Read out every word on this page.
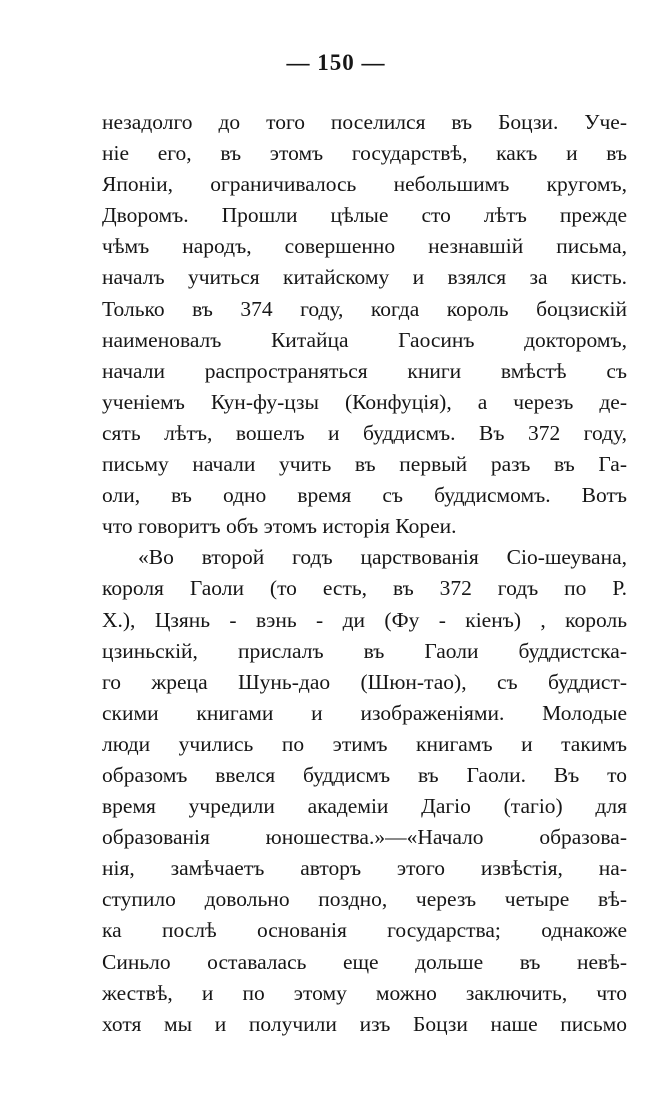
— 150 —
незадолго до того поселился въ Боцзи. Уче-
ніе его, въ этомъ государствѣ, какъ и въ
Японіи, ограничивалось небольшимъ кругомъ,
Дворомъ. Прошли цѣлые сто лѣтъ прежде
чѣмъ народъ, совершенно незнавшій письма,
началъ учиться китайскому и взялся за кисть.
Только въ 374 году, когда король боцзискій
наименовалъ Китайца Гаосинъ докторомъ,
начали распространяться книги вмѣстѣ съ
ученіемъ Кун-фу-цзы (Конфуція), а черезъ де-
сять лѣтъ, вошелъ и буддисмъ. Въ 372 году,
письму начали учить въ первый разъ въ Га-
оли, въ одно время съ буддисмомъ. Вотъ
что говоритъ объ этомъ исторія Кореи.
«Во второй годъ царствованія Сіо-шеувана,
короля Гаоли (то есть, въ 372 годъ по Р.
Х.), Цзянь - вэнь - ди (Фу - кіенъ) , король
цзиньскій, прислалъ въ Гаоли буддистска-
го жреца Шунь-дао (Шюн-тао), съ буддист-
скими книгами и изображеніями. Молодые
люди учились по этимъ книгамъ и такимъ
образомъ ввелся буддисмъ въ Гаоли. Въ то
время учредили академіи Дагіо (тагіо) для
образованія юношества.»—«Начало образова-
нія, замѣчаетъ авторъ этого извѣстія, на-
ступило довольно поздно, черезъ четыре вѣ-
ка послѣ основанія государства; однакоже
Синьло оставалась еще дольше въ невѣ-
жествѣ, и по этому можно заключить, что
хотя мы и получили изъ Боцзи наше письмо
